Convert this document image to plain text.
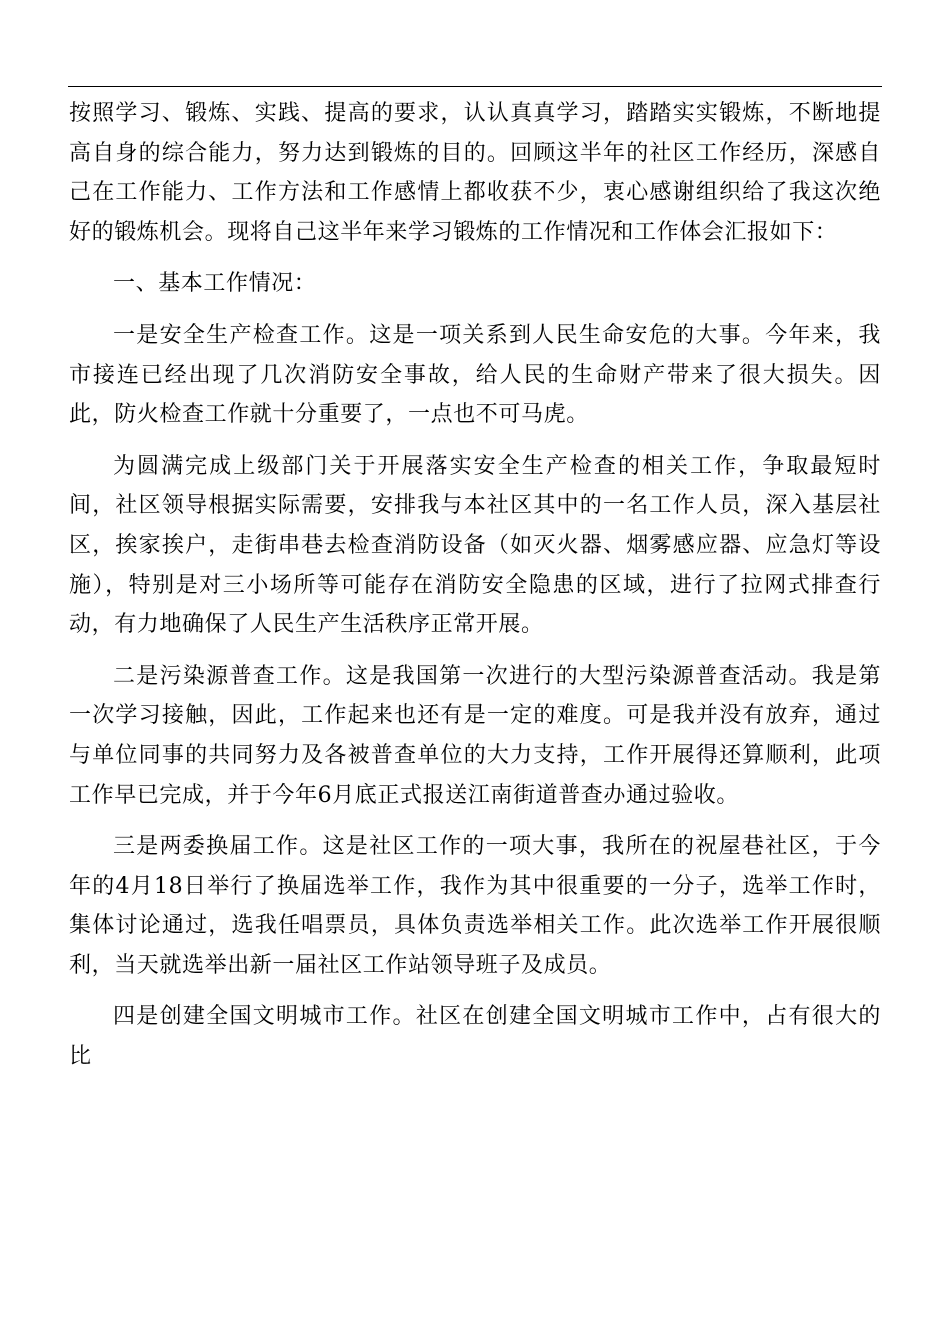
按照学习、锻炼、实践、提高的要求，认认真真学习，踏踏实实锻炼，不断地提高自身的综合能力，努力达到锻炼的目的。回顾这半年的社区工作经历，深感自己在工作能力、工作方法和工作感情上都收获不少，衷心感谢组织给了我这次绝好的锻炼机会。现将自己这半年来学习锻炼的工作情况和工作体会汇报如下：

一、基本工作情况：

一是安全生产检查工作。这是一项关系到人民生命安危的大事。今年来，我市接连已经出现了几次消防安全事故，给人民的生命财产带来了很大损失。因此，防火检查工作就十分重要了，一点也不可马虎。

为圆满完成上级部门关于开展落实安全生产检查的相关工作，争取最短时间，社区领导根据实际需要，安排我与本社区其中的一名工作人员，深入基层社区，挨家挨户，走街串巷去检查消防设备（如灭火器、烟雾感应器、应急灯等设施），特别是对三小场所等可能存在消防安全隐患的区域，进行了拉网式排查行动，有力地确保了人民生产生活秩序正常开展。

二是污染源普查工作。这是我国第一次进行的大型污染源普查活动。我是第一次学习接触，因此，工作起来也还有是一定的难度。可是我并没有放弃，通过与单位同事的共同努力及各被普查单位的大力支持，工作开展得还算顺利，此项工作早已完成，并于今年6月底正式报送江南街道普查办通过验收。

三是两委换届工作。这是社区工作的一项大事，我所在的祝屋巷社区，于今年的4月18日举行了换届选举工作，我作为其中很重要的一分子，选举工作时，集体讨论通过，选我任唱票员，具体负责选举相关工作。此次选举工作开展很顺利，当天就选举出新一届社区工作站领导班子及成员。

四是创建全国文明城市工作。社区在创建全国文明城市工作中，占有很大的比
